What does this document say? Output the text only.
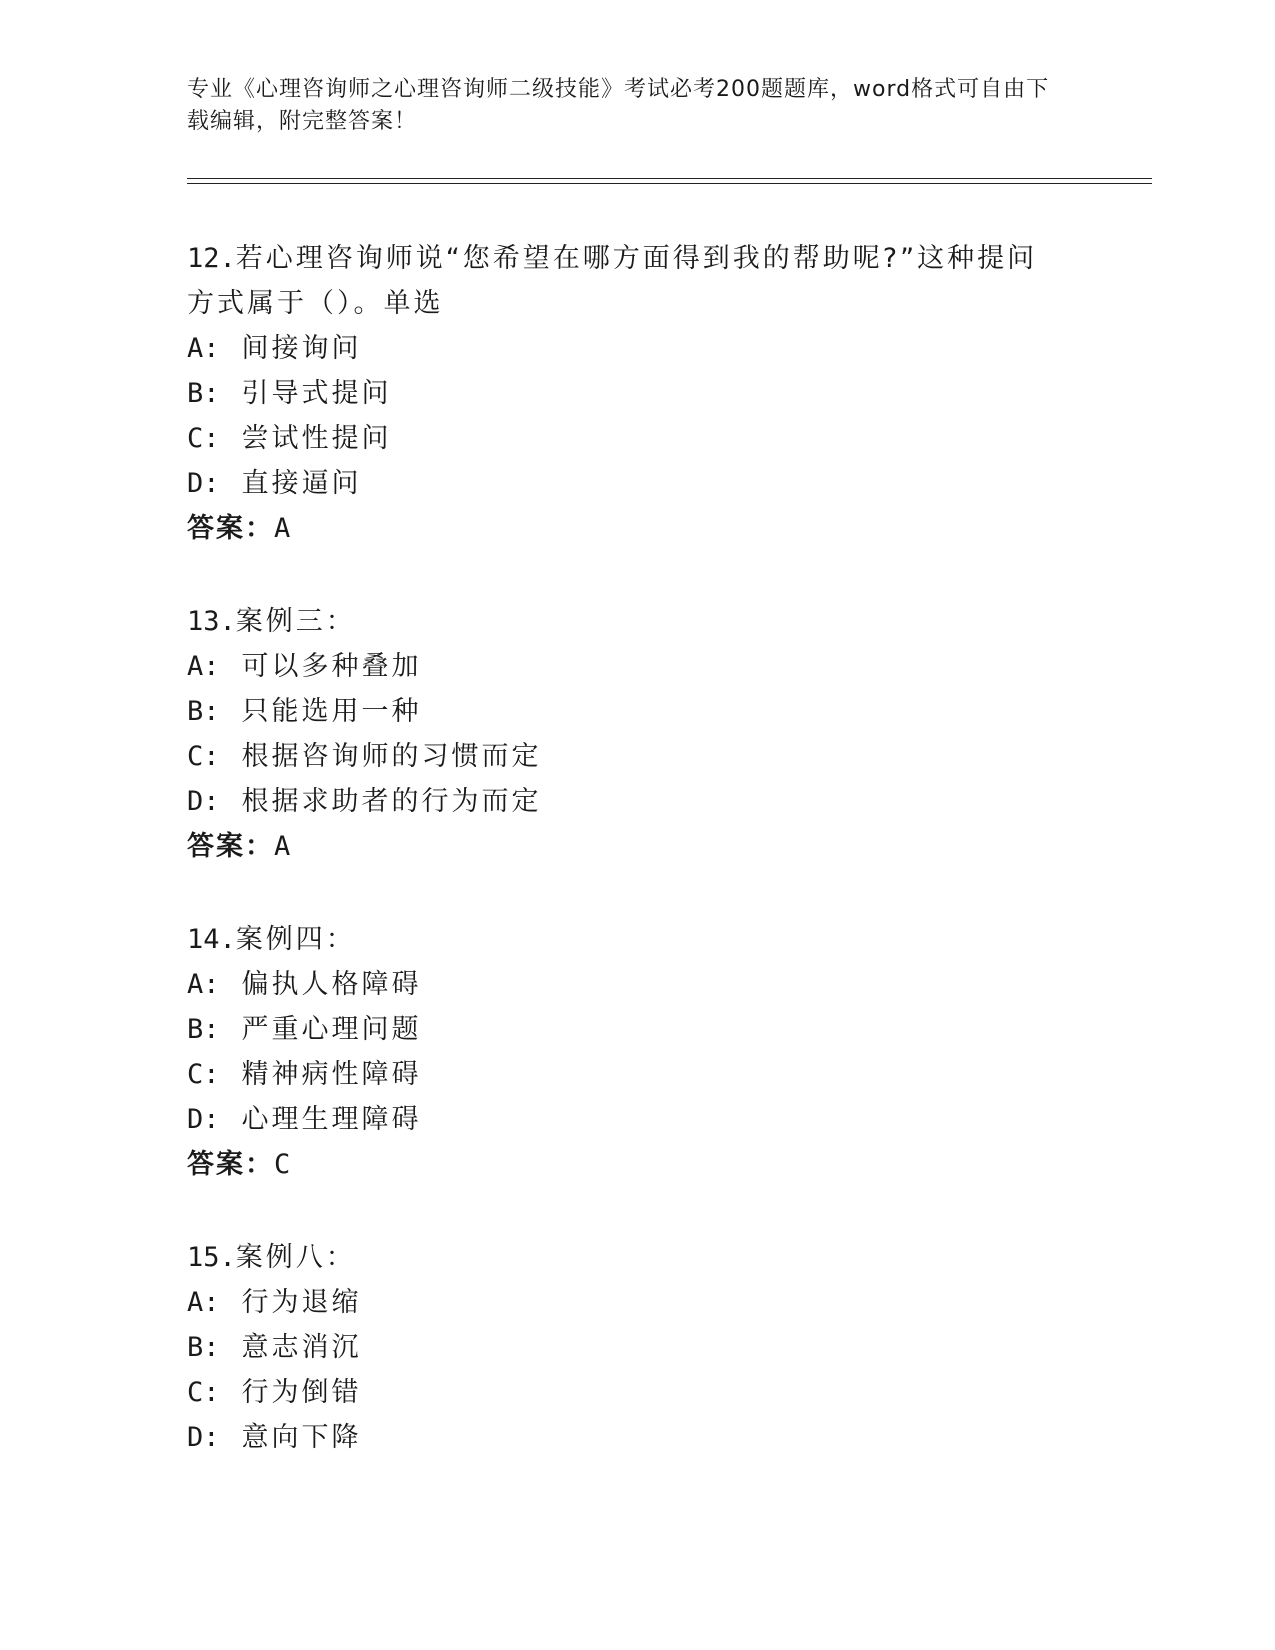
专业《心理咨询师之心理咨询师二级技能》考试必考200题题库，word格式可自由下载编辑，附完整答案！
12.若心理咨询师说“您希望在哪方面得到我的帮助呢?”这种提问方式属于（）。单选
A: 间接询问
B: 引导式提问
C: 尝试性提问
D: 直接逼问
答案：A
13.案例三：
A: 可以多种叠加
B: 只能选用一种
C: 根据咨询师的习惯而定
D: 根据求助者的行为而定
答案：A
14.案例四：
A: 偏执人格障碍
B: 严重心理问题
C: 精神病性障碍
D: 心理生理障碍
答案：C
15.案例八：
A: 行为退缩
B: 意志消沉
C: 行为倒错
D: 意向下降
